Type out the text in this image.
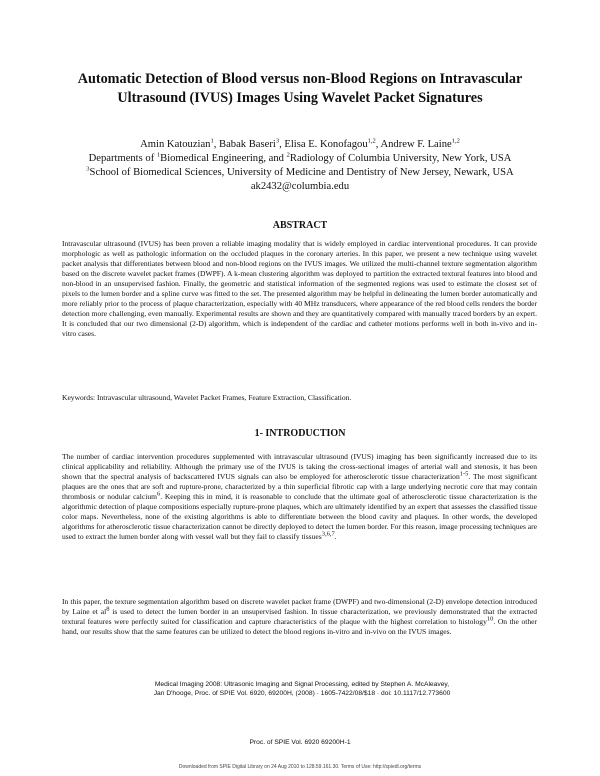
Automatic Detection of Blood versus non-Blood Regions on Intravascular Ultrasound (IVUS) Images Using Wavelet Packet Signatures

Amin Katouzian$^1$, Babak Baseri$^3$, Elisa E. Konofagou$^{1,2}$, Andrew F. Laine$^{1,2}$

Departments of $^1$Biomedical Engineering, and $^2$Radiology of Columbia University, New York, USA

$^3$School of Biomedical Sciences, University of Medicine and Dentistry of New Jersey, Newark, USA

ak2432@columbia.edu

ABSTRACT

Intravascular ultrasound (IVUS) has been proven a reliable imaging modality that is widely employed in cardiac interventional procedures. It can provide morphologic as well as pathologic information on the occluded plaques in the coronary arteries. In this paper, we present a new technique using wavelet packet analysis that differentiates between blood and non-blood regions on the IVUS images. We utilized the multi-channel texture segmentation algorithm based on the discrete wavelet packet frames (DWPF). A k-mean clustering algorithm was deployed to partition the extracted textural features into blood and non-blood in an unsupervised fashion. Finally, the geometric and statistical information of the segmented regions was used to estimate the closest set of pixels to the lumen border and a spline curve was fitted to the set. The presented algorithm may be helpful in delineating the lumen border automatically and more reliably prior to the process of plaque characterization, especially with 40 MHz transducers, where appearance of the red blood cells renders the border detection more challenging, even manually. Experimental results are shown and they are quantitatively compared with manually traced borders by an expert. It is concluded that our two dimensional (2-D) algorithm, which is independent of the cardiac and catheter motions performs well in both in-vivo and in-vitro cases.

Keywords: Intravascular ultrasound, Wavelet Packet Frames, Feature Extraction, Classification.

1- INTRODUCTION

The number of cardiac intervention procedures supplemented with intravascular ultrasound (IVUS) imaging has been significantly increased due to its clinical applicability and reliability. Although the primary use of the IVUS is taking the cross-sectional images of arterial wall and stenosis, it has been shown that the spectral analysis of backscattered IVUS signals can also be employed for atherosclerotic tissue characterization$^{1-5}$. The most significant plaques are the ones that are soft and rupture-prone, characterized by a thin superficial fibrotic cap with a large underlying necrotic core that may contain thrombosis or nodular calcium$^6$. Keeping this in mind, it is reasonable to conclude that the ultimate goal of atherosclerotic tissue characterization is the algorithmic detection of plaque compositions especially rupture-prone plaques, which are ultimately identified by an expert that assesses the classified tissue color maps. Nevertheless, none of the existing algorithms is able to differentiate between the blood cavity and plaques. In other words, the developed algorithms for atherosclerotic tissue characterization cannot be directly deployed to detect the lumen border. For this reason, image processing techniques are used to extract the lumen border along with vessel wall but they fail to classify tissues$^{3,6,7}$.

In this paper, the texture segmentation algorithm based on discrete wavelet packet frame (DWPF) and two-dimensional (2-D) envelope detection introduced by Laine et $al^8$ is used to detect the lumen border in an unsupervised fashion. In tissue characterization, we previously demonstrated that the extracted textural features were perfectly suited for classification and capture characteristics of the plaque with the highest correlation to histology$^{10}$. On the other hand, our results show that the same features can be utilized to detect the blood regions in-vitro and in-vivo on the IVUS images.

Medical Imaging 2008: Ultrasonic Imaging and Signal Processing, edited by Stephen A. McAleavey,

Jan D'hooge, Proc. of SPIE Vol. 6920, 69200H, (2008) · 1605-7422/08/$18 · doi: 10.1117/12.773600

Proc. of SPIE Vol. 6920 69200H-1
Downloaded from SPIE Digital Library on 24 Aug 2010 to 128.59.161.30. Terms of Use: http://spiedl.org/terms
